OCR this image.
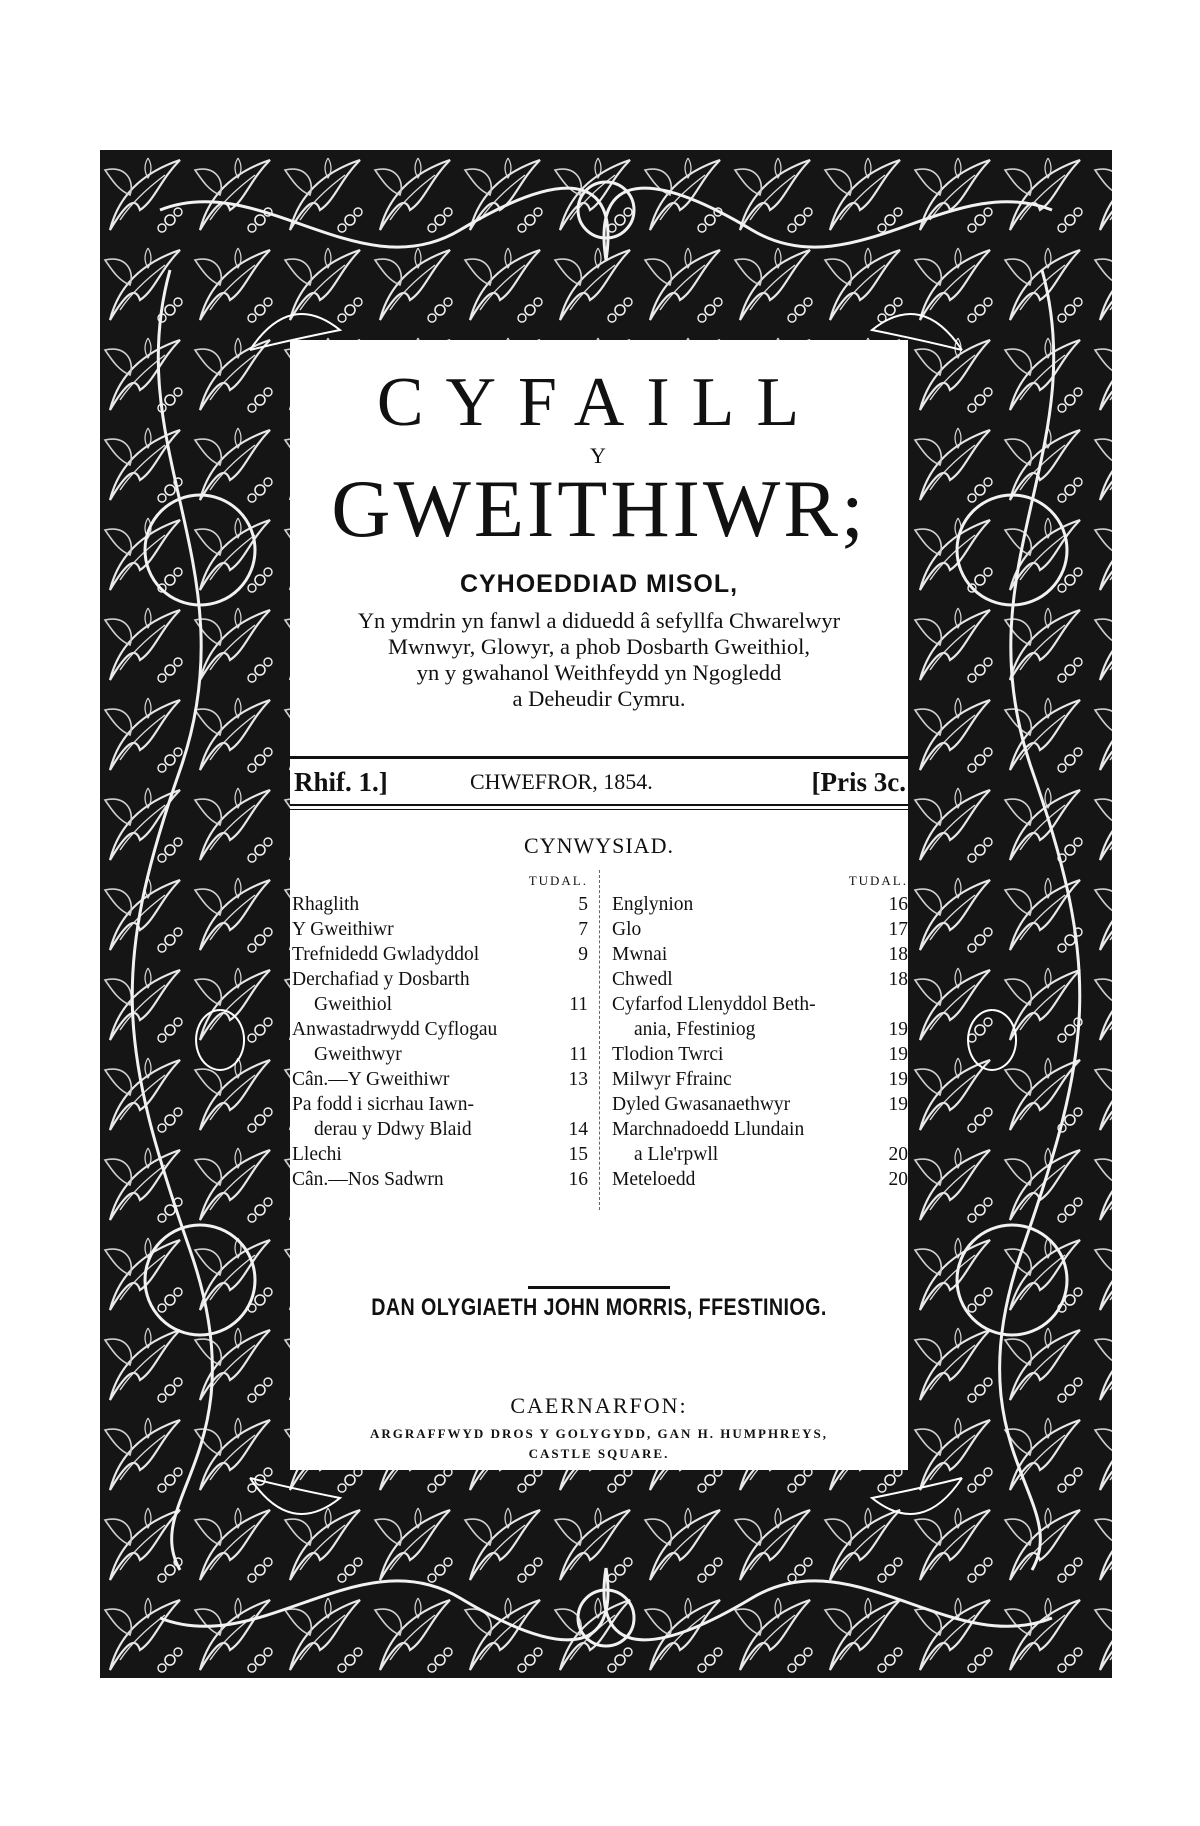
CYFAILL
Y
GWEITHIWR;
CYHOEDDIAD MISOL,
Yn ymdrin yn fanwl a diduedd â sefyllfa Chwarelwyr
Mwnwyr, Glowyr, a phob Dosbarth Gweithiol,
yn y gwahanol Weithfeydd yn Ngogledd
a Deheudir Cymru.
Rhif. 1.]	CHWEFROR, 1854.	[Pris 3c.
CYNWYSIAD.
TUDAL.
Rhaglith	5
Y Gweithiwr	7
Trefnidedd Gwladyddol	9
Derchafiad y Dosbarth
Gweithiol	11
Anwastadrwydd Cyflogau
Gweithwyr	11
Cân.—Y Gweithiwr	13
Pa fodd i sicrhau Iawn-
derau y Ddwy Blaid	14
Llechi	15
Cân.—Nos Sadwrn	16
TUDAL.
Englynion	16
Glo	17
Mwnai	18
Chwedl	18
Cyfarfod Llenyddol Beth-
ania, Ffestiniog	19
Tlodion Twrci	19
Milwyr Ffrainc	19
Dyled Gwasanaethwyr	19
Marchnadoedd Llundain
a Lle'rpwll	20
Meteloedd	20
DAN OLYGIAETH JOHN MORRIS, FFESTINIOG.
CAERNARFON:
ARGRAFFWYD DROS Y GOLYGYDD, GAN H. HUMPHREYS,
CASTLE SQUARE.
